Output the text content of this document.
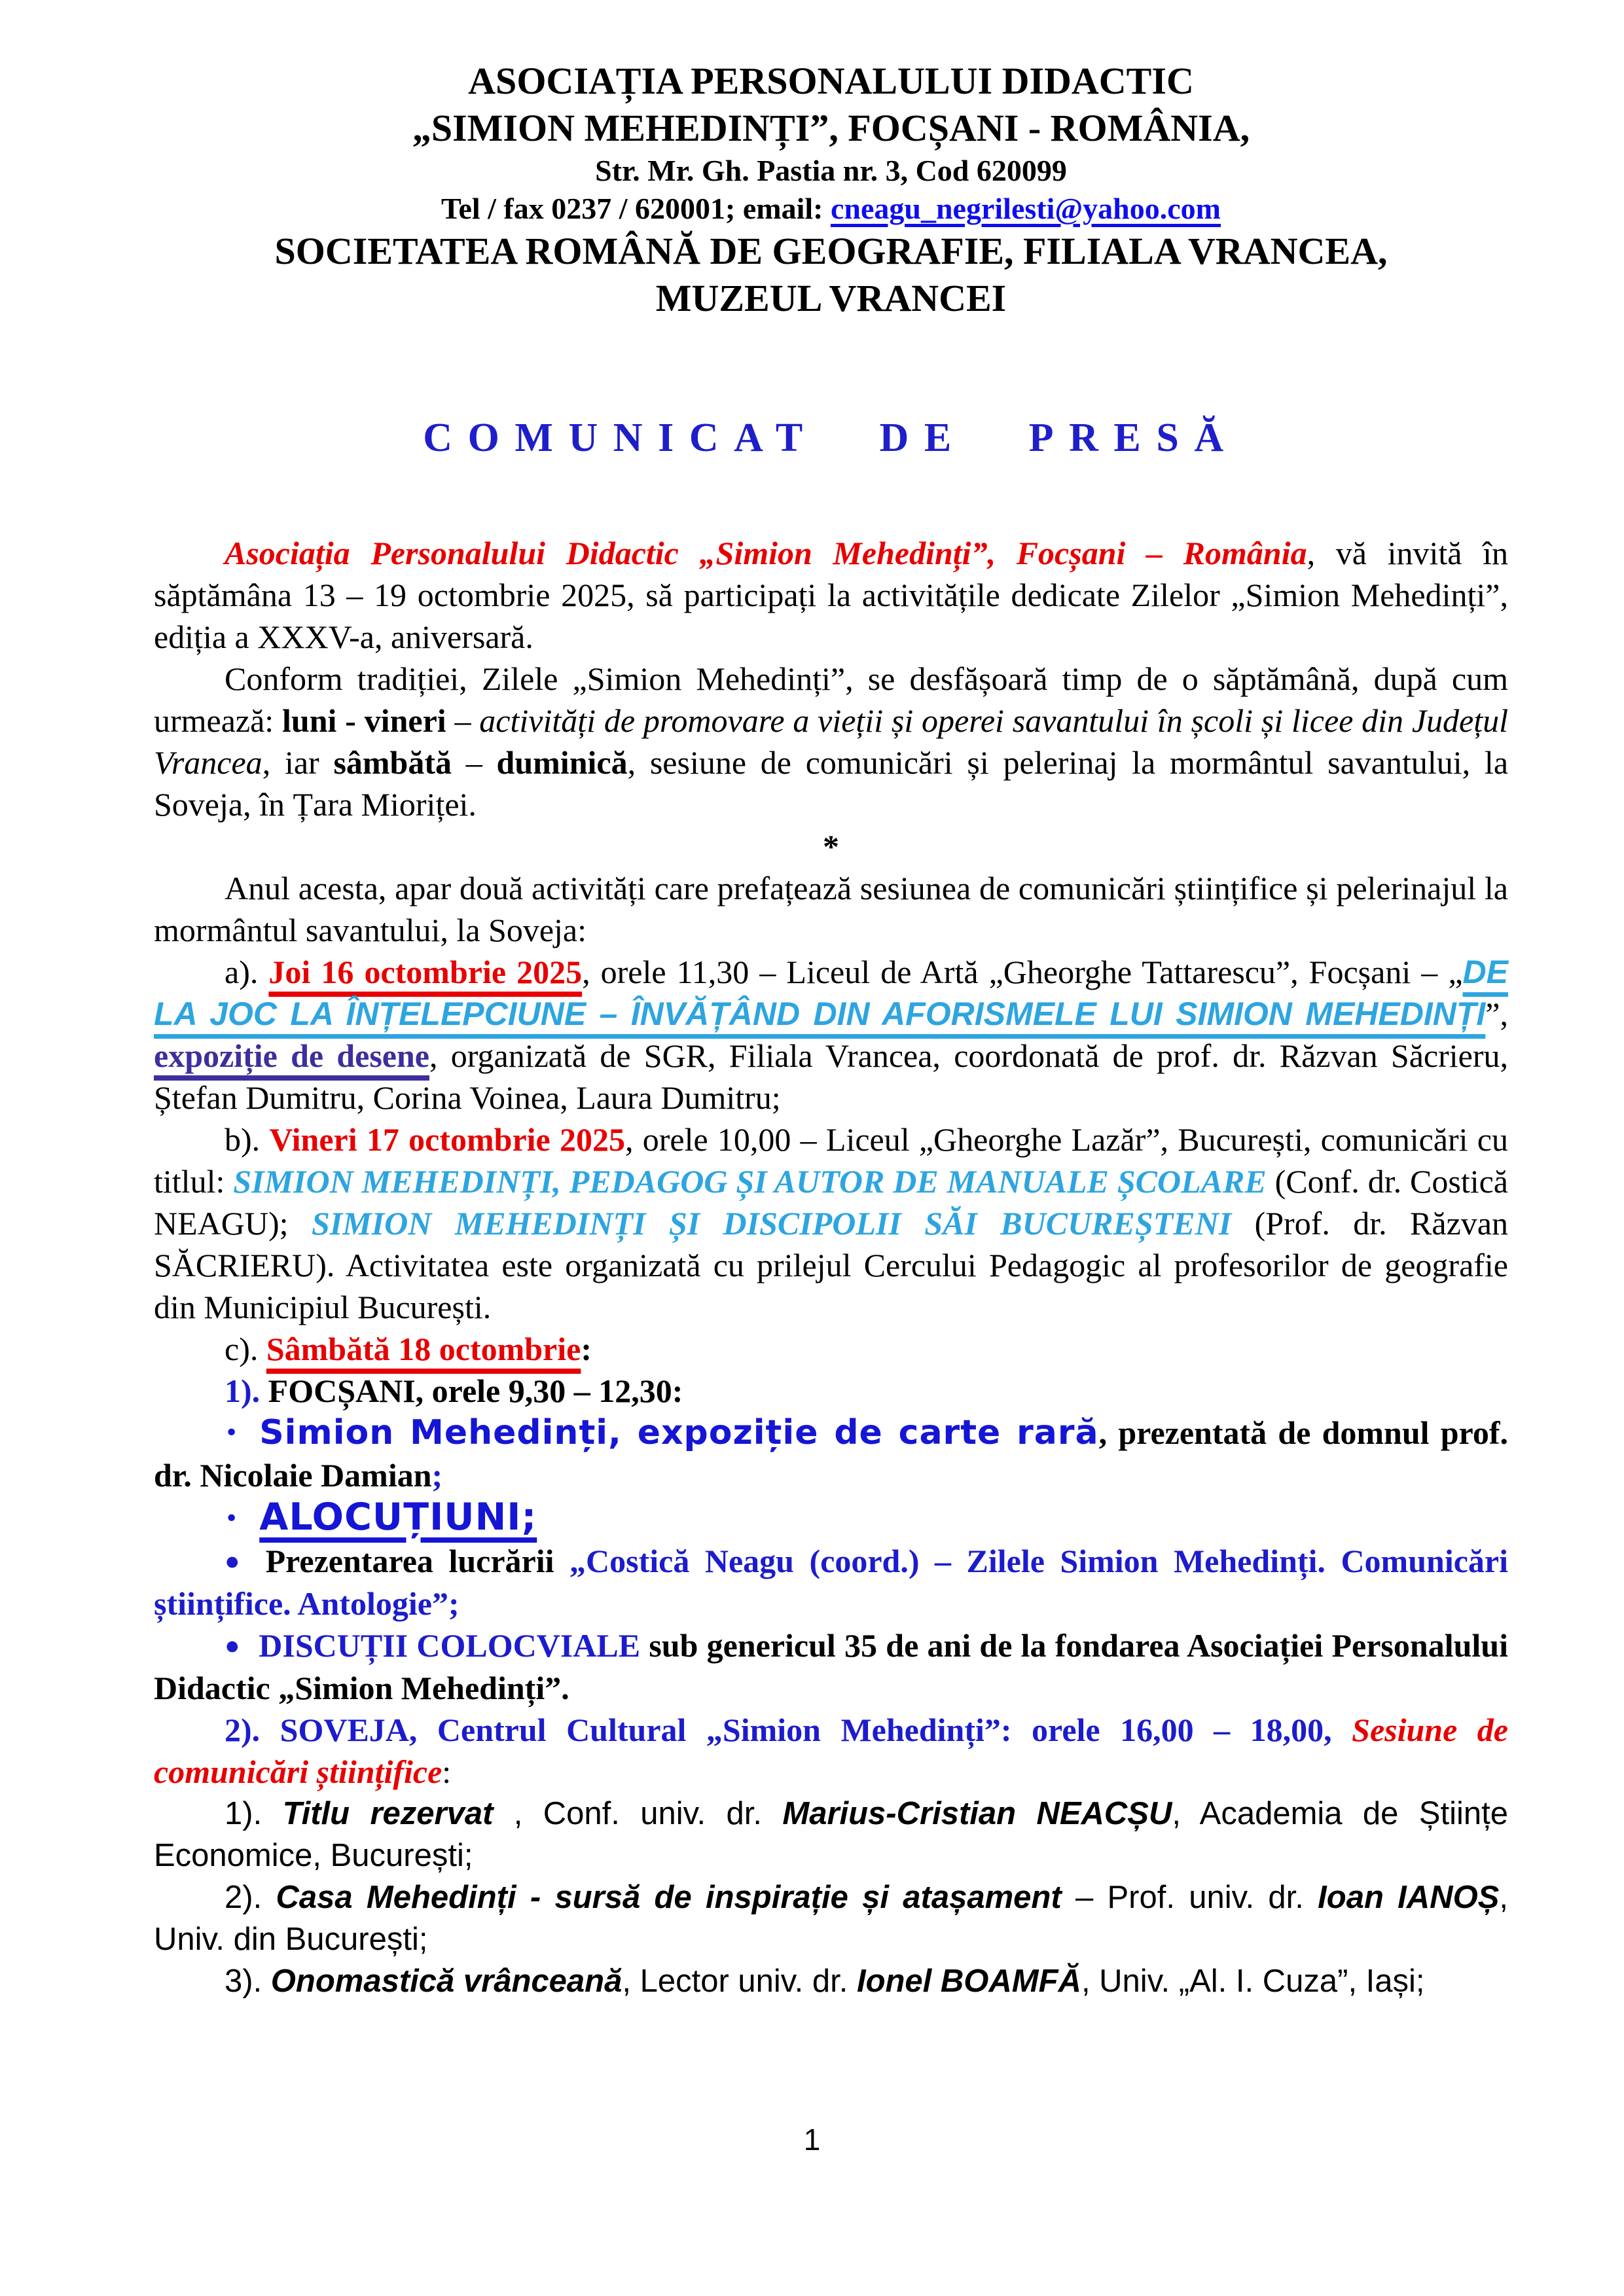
ASOCIAȚIA PERSONALULUI DIDACTIC
„SIMION MEHEDINȚI”, FOCȘANI - ROMÂNIA,
Str. Mr. Gh. Pastia nr. 3, Cod 620099
Tel / fax 0237 / 620001; email: cneagu_negrilesti@yahoo.com
SOCIETATEA ROMÂNĂ DE GEOGRAFIE, FILIALA VRANCEA,
MUZEUL VRANCEI
COMUNICAT DE PRESĂ

Asociația Personalului Didactic „Simion Mehedinți”, Focșani – România, vă invită în săptămâna 13 – 19 octombrie 2025, să participați la activitățile dedicate Zilelor „Simion Mehedinți”, ediția a XXXV-a, aniversară.

Conform tradiției, Zilele „Simion Mehedinți”, se desfășoară timp de o săptămână, după cum urmează: luni - vineri – activități de promovare a vieții și operei savantului în școli și licee din Județul Vrancea, iar sâmbătă – duminică, sesiune de comunicări și pelerinaj la mormântul savantului, la Soveja, în Țara Mioriței.

*

Anul acesta, apar două activități care prefațează sesiunea de comunicări științifice și pelerinajul la mormântul savantului, la Soveja:

a). Joi 16 octombrie 2025, orele 11,30 – Liceul de Artă „Gheorghe Tattarescu”, Focșani – „DE LA JOC LA ÎNȚELEPCIUNE – ÎNVĂȚÂND DIN AFORISMELE LUI SIMION MEHEDINȚI”, expoziție de desene, organizată de SGR, Filiala Vrancea, coordonată de prof. dr. Răzvan Săcrieru, Ștefan Dumitru, Corina Voinea, Laura Dumitru;

b). Vineri 17 octombrie 2025, orele 10,00 – Liceul „Gheorghe Lazăr”, București, comunicări cu titlul: SIMION MEHEDINȚI, PEDAGOG ȘI AUTOR DE MANUALE ȘCOLARE (Conf. dr. Costică NEAGU); SIMION MEHEDINȚI ȘI DISCIPOLII SĂI BUCUREȘTENI (Prof. dr. Răzvan SĂCRIERU). Activitatea este organizată cu prilejul Cercului Pedagogic al profesorilor de geografie din Municipiul București.

c). Sâmbătă 18 octombrie:

1). FOCȘANI, orele 9,30 – 12,30:

• Simion Mehedinți, expoziție de carte rară, prezentată de domnul prof. dr. Nicolaie Damian;

• ALOCUȚIUNI;

● Prezentarea lucrării „Costică Neagu (coord.) – Zilele Simion Mehedinți. Comunicări științifice. Antologie”;

● DISCUȚII COLOCVIALE sub genericul 35 de ani de la fondarea Asociației Personalului Didactic „Simion Mehedinți”.

2). SOVEJA, Centrul Cultural „Simion Mehedinți”: orele 16,00 – 18,00, Sesiune de comunicări științifice:

1). Titlu rezervat , Conf. univ. dr. Marius-Cristian NEACȘU, Academia de Științe Economice, București;

2). Casa Mehedinți - sursă de inspirație și atașament – Prof. univ. dr. Ioan IANOȘ, Univ. din București;

3). Onomastică vrânceană, Lector univ. dr. Ionel BOAMFĂ, Univ. „Al. I. Cuza”, Iași;

1
